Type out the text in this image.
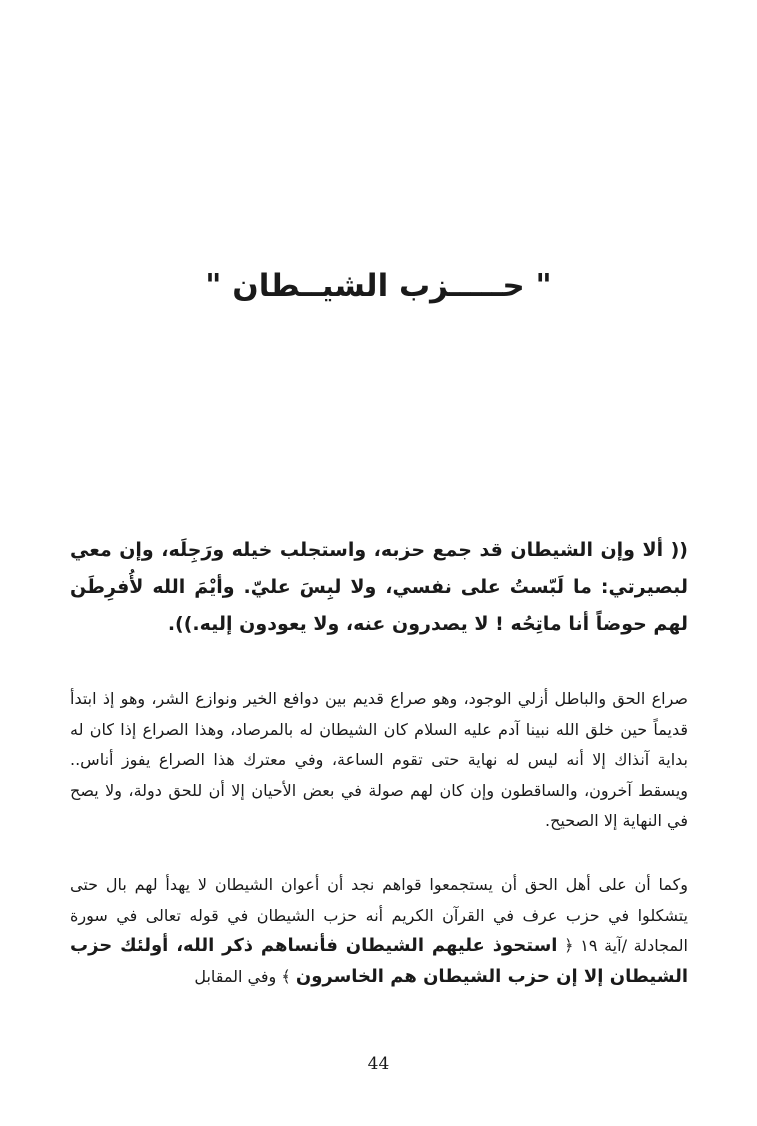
" حـــــزب الشيــطان "
(( ألا وإن الشيطان قد جمع حزبه، واستجلب خيله ورَجِلَه، وإن معي لبصيرتي: ما لَبّستُ على نفسي، ولا لبِسَ عليّ. وأيْمَ الله لأُفرِطَن لهم حوضاً أنا ماتِحُه ! لا يصدرون عنه، ولا يعودون إليه.)).
صراع الحق والباطل أزلي الوجود، وهو صراع قديم بين دوافع الخير ونوازع الشر، وهو إذ ابتدأ قديماً حين خلق الله نبينا آدم عليه السلام كان الشيطان له بالمرصاد، وهذا الصراع إذا كان له بداية آنذاك إلا أنه ليس له نهاية حتى تقوم الساعة، وفي معترك هذا الصراع يفوز أناس.. ويسقط آخرون، والساقطون وإن كان لهم صولة في بعض الأحيان إلا أن للحق دولة، ولا يصح في النهاية إلا الصحيح.
وكما أن على أهل الحق أن يستجمعوا قواهم نجد أن أعوان الشيطان لا يهدأ لهم بال حتى يتشكلوا في حزب عرف في القرآن الكريم أنه حزب الشيطان في قوله تعالى في سورة المجادلة /آية ١٩ ﴿ استحوذ عليهم الشيطان فأنساهم ذكر الله، أولئك حزب الشيطان إلا إن حزب الشيطان هم الخاسرون ﴾ وفي المقابل
44
